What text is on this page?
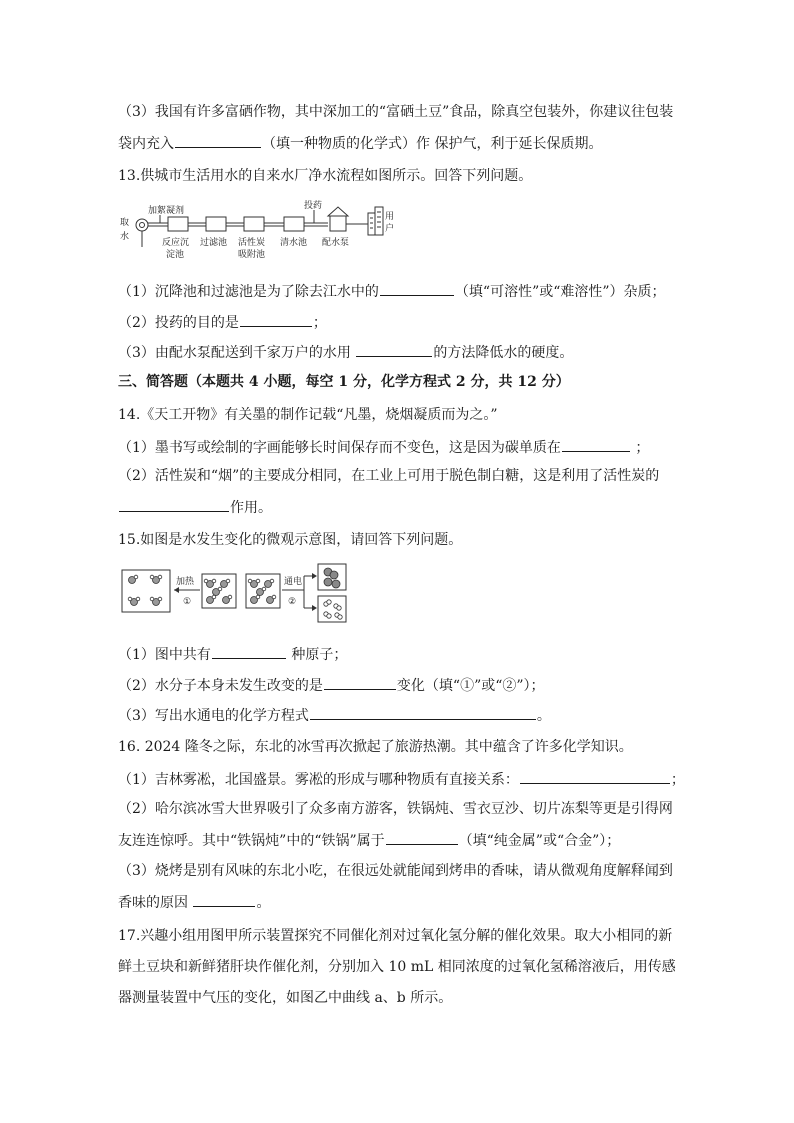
（3）我国有许多富硒作物，其中深加工的“富硒土豆”食品，除真空包装外，你建议往包装
袋内充入	（填一种物质的化学式）作 保护气，利于延长保质期。
13.供城市生活用水的自来水厂净水流程如图所示。回答下列问题。
取
水
加絮凝剂
反应沉
淀池
过滤池 活性炭
吸附池
清水池
投药
配水泵
用
户
（1）沉降池和过滤池是为了除去江水中的	（填“可溶性”或“难溶性”）杂质；
（2）投药的目的是	；
（3）由配水泵配送到千家万户的水用	的方法降低水的硬度。
三、简答题（本题共 4 小题，每空 1 分，化学方程式 2 分，共 12 分）
14.《天工开物》有关墨的制作记载“凡墨，烧烟凝质而为之。”
（1）墨书写或绘制的字画能够长时间保存而不变色，这是因为碳单质在	；
（2）活性炭和“烟”的主要成分相同，在工业上可用于脱色制白糖，这是利用了活性炭的
作用。
15.如图是水发生变化的微观示意图，请回答下列问题。
加热
①
通电
②
（1）图中共有	种原子；
（2）水分子本身未发生改变的是	变化（填“①”或“②”）；
（3）写出水通电的化学方程式	。
16. 2024 隆冬之际，东北的冰雪再次掀起了旅游热潮。其中蕴含了许多化学知识。
（1）吉林雾凇，北国盛景。雾凇的形成与哪种物质有直接关系：	；
（2）哈尔滨冰雪大世界吸引了众多南方游客，铁锅炖、雪衣豆沙、切片冻梨等更是引得网
友连连惊呼。其中“铁锅炖”中的“铁锅”属于	（填“纯金属”或“合金”）；
（3）烧烤是别有风味的东北小吃，在很远处就能闻到烤串的香味，请从微观角度解释闻到
香味的原因	。
17.兴趣小组用图甲所示装置探究不同催化剂对过氧化氢分解的催化效果。取大小相同的新
鲜土豆块和新鲜猪肝块作催化剂，分别加入 10 mL 相同浓度的过氧化氢稀溶液后，用传感
器测量装置中气压的变化，如图乙中曲线 a、b 所示。
